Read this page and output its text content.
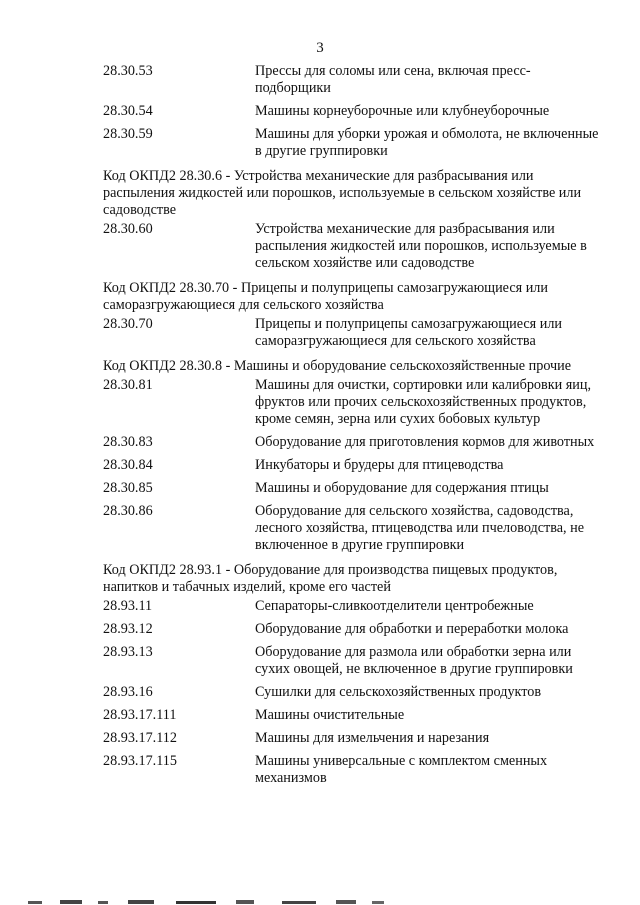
3
28.30.53	Прессы для соломы или сена, включая пресс-подборщики
28.30.54	Машины корнеуборочные или клубнеуборочные
28.30.59	Машины для уборки урожая и обмолота, не включенные в другие группировки
Код ОКПД2 28.30.6 - Устройства механические для разбрасывания или распыления жидкостей или порошков, используемые в сельском хозяйстве или садоводстве
28.30.60	Устройства механические для разбрасывания или распыления жидкостей или порошков, используемые в сельском хозяйстве или садоводстве
Код ОКПД2 28.30.70 - Прицепы и полуприцепы самозагружающиеся или саморазгружающиеся для сельского хозяйства
28.30.70	Прицепы и полуприцепы самозагружающиеся или саморазгружающиеся для сельского хозяйства
Код ОКПД2 28.30.8 - Машины и оборудование сельскохозяйственные прочие
28.30.81	Машины для очистки, сортировки или калибровки яиц, фруктов или прочих сельскохозяйственных продуктов, кроме семян, зерна или сухих бобовых культур
28.30.83	Оборудование для приготовления кормов для животных
28.30.84	Инкубаторы и брудеры для птицеводства
28.30.85	Машины и оборудование для содержания птицы
28.30.86	Оборудование для сельского хозяйства, садоводства, лесного хозяйства, птицеводства или пчеловодства, не включенное в другие группировки
Код ОКПД2 28.93.1 - Оборудование для производства пищевых продуктов, напитков и табачных изделий, кроме его частей
28.93.11	Сепараторы-сливкоотделители центробежные
28.93.12	Оборудование для обработки и переработки молока
28.93.13	Оборудование для размола или обработки зерна или сухих овощей, не включенное в другие группировки
28.93.16	Сушилки для сельскохозяйственных продуктов
28.93.17.111	Машины очистительные
28.93.17.112	Машины для измельчения и нарезания
28.93.17.115	Машины универсальные с комплектом сменных механизмов
